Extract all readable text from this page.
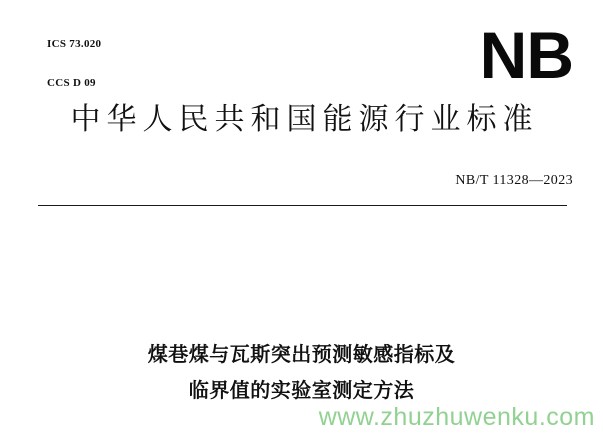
ICS 73.020

CCS D 09

	NB
中华人民共和国能源行业标准
NB/T 11328—2023
煤巷煤与瓦斯突出预测敏感指标及
临界值的实验室测定方法
www.zhuzhuwenku.com
